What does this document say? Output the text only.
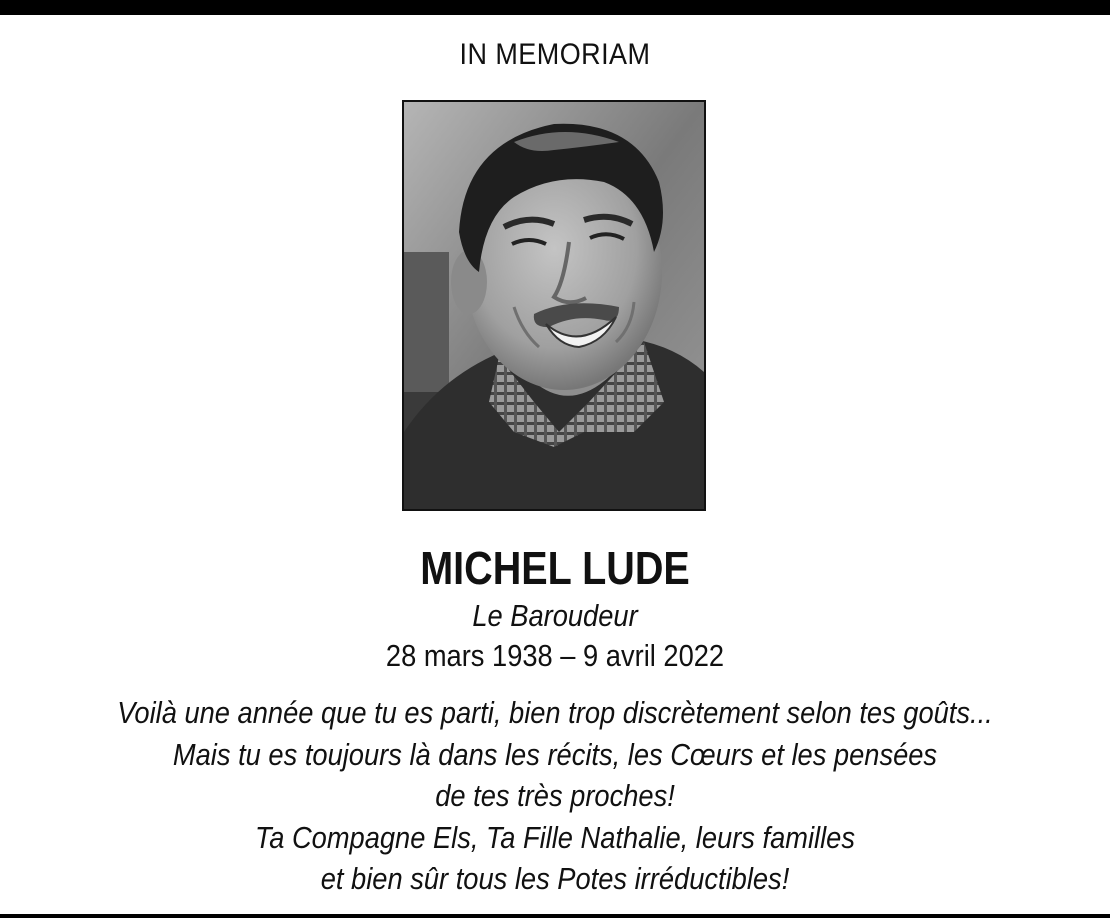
IN MEMORIAM
MICHEL LUDE
Le Baroudeur
28 mars 1938 – 9 avril 2022
Voilà une année que tu es parti, bien trop discrètement selon tes goûts...
Mais tu es toujours là dans les récits, les Cœurs et les pensées
de tes très proches!
Ta Compagne Els, Ta Fille Nathalie, leurs familles
et bien sûr tous les Potes irréductibles!
